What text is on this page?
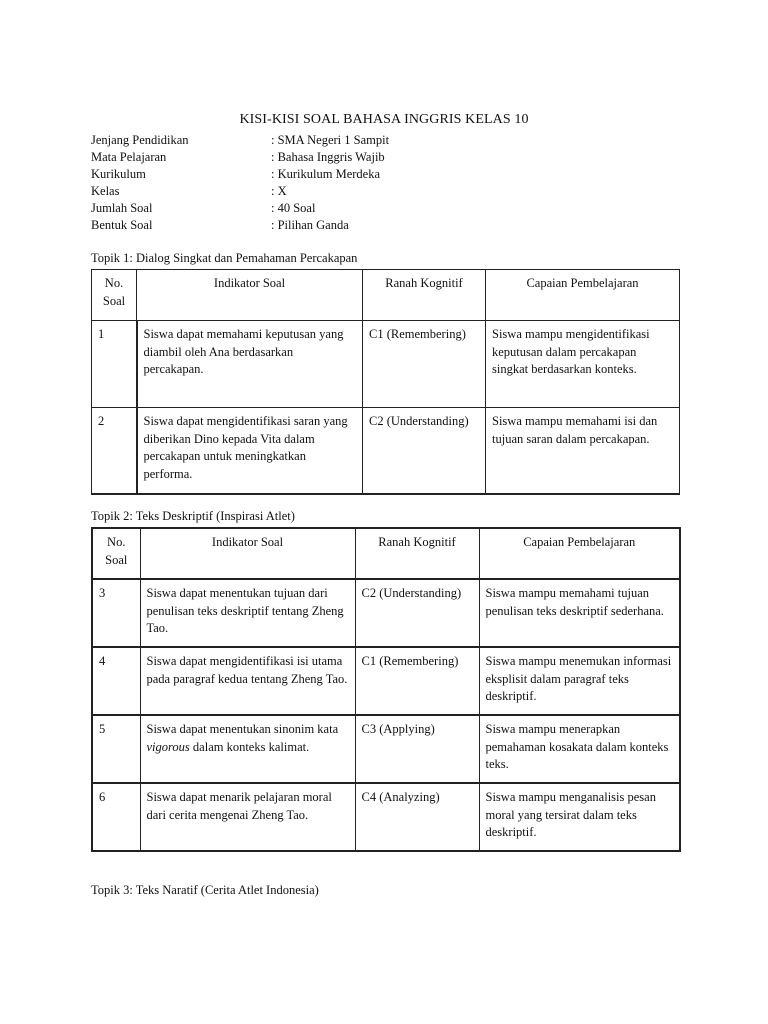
KISI-KISI SOAL BAHASA INGGRIS KELAS 10
Jenjang Pendidikan	: SMA Negeri 1 Sampit
Mata Pelajaran	: Bahasa Inggris Wajib
Kurikulum	: Kurikulum Merdeka
Kelas	: X
Jumlah Soal	: 40 Soal
Bentuk Soal	: Pilihan Ganda
Topik 1: Dialog Singkat dan Pemahaman Percakapan
No. Soal	Indikator Soal	Ranah Kognitif	Capaian Pembelajaran
1	Siswa dapat memahami keputusan yang diambil oleh Ana berdasarkan percakapan.	C1 (Remembering)	Siswa mampu mengidentifikasi keputusan dalam percakapan singkat berdasarkan konteks.
2	Siswa dapat mengidentifikasi saran yang diberikan Dino kepada Vita dalam percakapan untuk meningkatkan performa.	C2 (Understanding)	Siswa mampu memahami isi dan tujuan saran dalam percakapan.
Topik 2: Teks Deskriptif (Inspirasi Atlet)
No. Soal	Indikator Soal	Ranah Kognitif	Capaian Pembelajaran
3	Siswa dapat menentukan tujuan dari penulisan teks deskriptif tentang Zheng Tao.	C2 (Understanding)	Siswa mampu memahami tujuan penulisan teks deskriptif sederhana.
4	Siswa dapat mengidentifikasi isi utama pada paragraf kedua tentang Zheng Tao.	C1 (Remembering)	Siswa mampu menemukan informasi eksplisit dalam paragraf teks deskriptif.
5	Siswa dapat menentukan sinonim kata vigorous dalam konteks kalimat.	C3 (Applying)	Siswa mampu menerapkan pemahaman kosakata dalam konteks teks.
6	Siswa dapat menarik pelajaran moral dari cerita mengenai Zheng Tao.	C4 (Analyzing)	Siswa mampu menganalisis pesan moral yang tersirat dalam teks deskriptif.
Topik 3: Teks Naratif (Cerita Atlet Indonesia)
